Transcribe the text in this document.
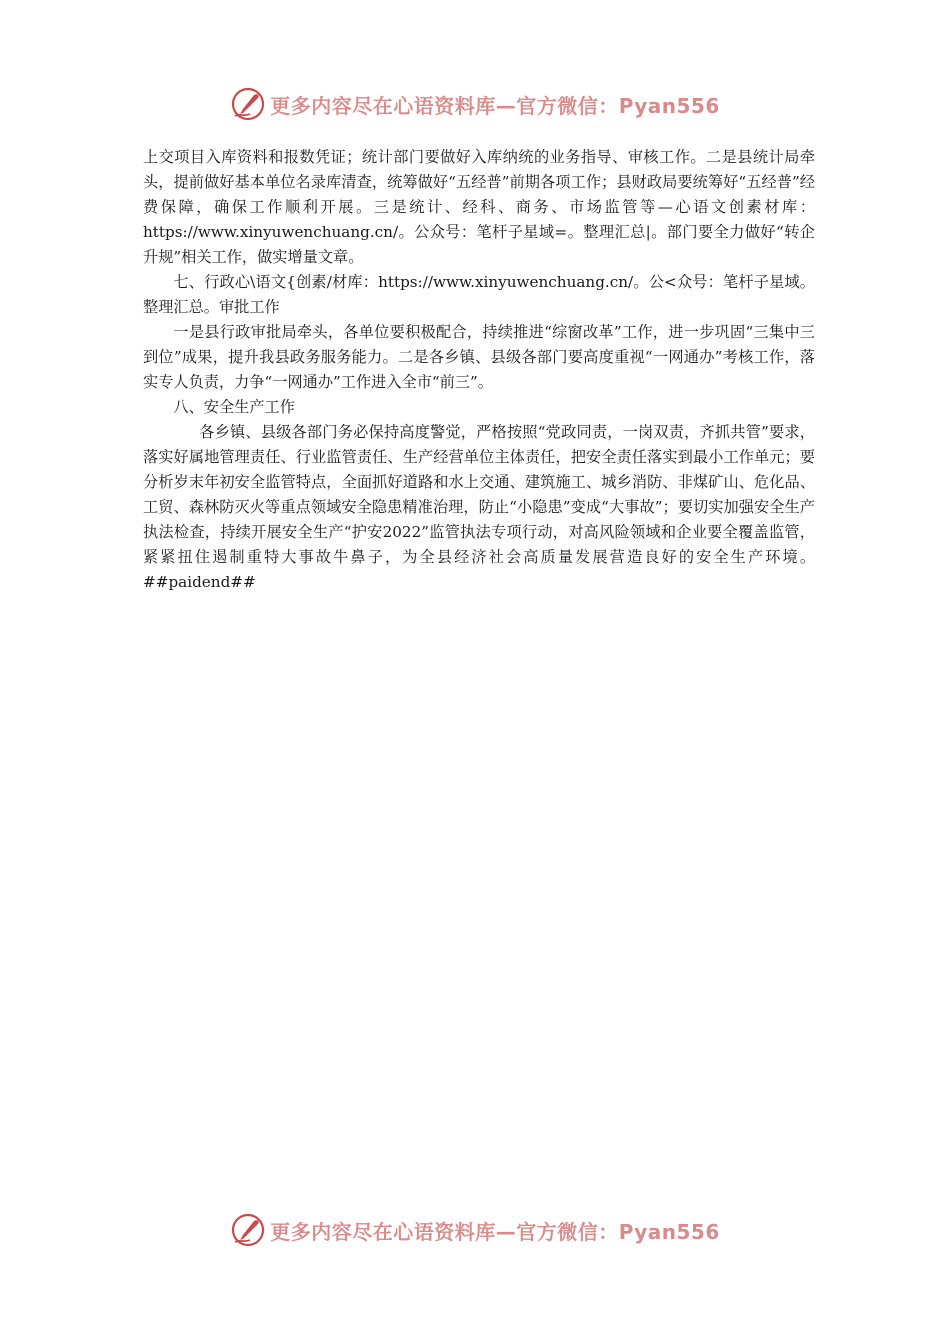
更多内容尽在心语资料库—官方微信：Pyan556

上交项目入库资料和报数凭证；统计部门要做好入库纳统的业务指导、审核工作。二是县统计局牵头，提前做好基本单位名录库清查，统筹做好“五经普”前期各项工作；县财政局要统筹好“五经普”经费保障，确保工作顺利开展。三是统计、经科、商务、市场监管等—心语文创素材库：https://www.xinyuwenchuang.cn/。公众号：笔杆子星域=。整理汇总|。部门要全力做好“转企升规”相关工作，做实增量文章。

七、行政心\语文{创素/材库：https://www.xinyuwenchuang.cn/。公<众号：笔杆子星域。整理汇总。审批工作

一是县行政审批局牵头，各单位要积极配合，持续推进“综窗改革”工作，进一步巩固“三集中三到位”成果，提升我县政务服务能力。二是各乡镇、县级各部门要高度重视“一网通办”考核工作，落实专人负责，力争“一网通办”工作进入全市“前三”。

八、安全生产工作

各乡镇、县级各部门务必保持高度警觉，严格按照“党政同责，一岗双责，齐抓共管”要求，落实好属地管理责任、行业监管责任、生产经营单位主体责任，把安全责任落实到最小工作单元；要分析岁末年初安全监管特点，全面抓好道路和水上交通、建筑施工、城乡消防、非煤矿山、危化品、工贸、森林防灭火等重点领域安全隐患精准治理，防止“小隐患”变成“大事故”；要切实加强安全生产执法检查，持续开展安全生产“护安2022”监管执法专项行动，对高风险领域和企业要全覆盖监管，紧紧扭住遏制重特大事故牛鼻子，为全县经济社会高质量发展营造良好的安全生产环境。 ##paidend##

更多内容尽在心语资料库—官方微信：Pyan556
